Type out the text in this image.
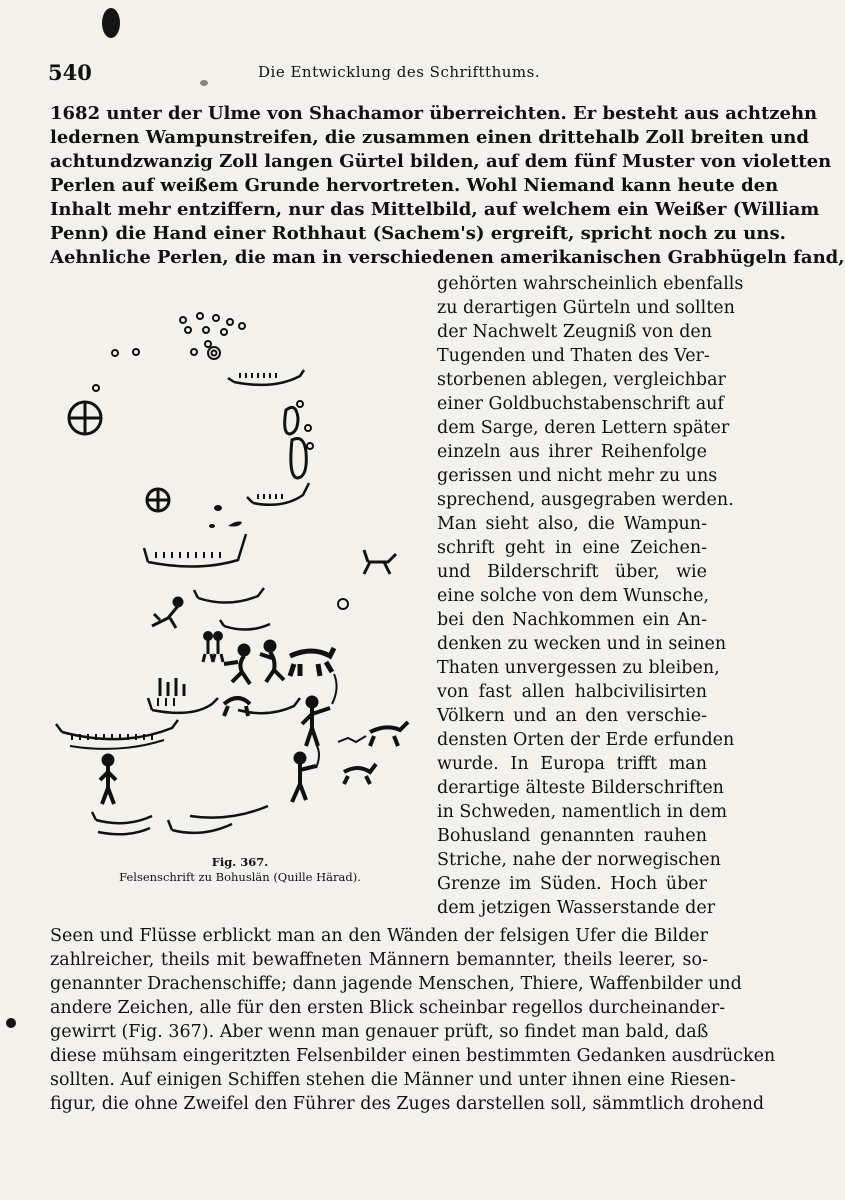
540	Die Entwicklung des Schriftthums.
1682 unter der Ulme von Shachamor überreichten. Er besteht aus achtzehn
ledernen Wampunstreifen, die zusammen einen drittehalb Zoll breiten und
achtundzwanzig Zoll langen Gürtel bilden, auf dem fünf Muster von violetten
Perlen auf weißem Grunde hervortreten. Wohl Niemand kann heute den
Inhalt mehr entziffern, nur das Mittelbild, auf welchem ein Weißer (William
Penn) die Hand einer Rothhaut (Sachem's) ergreift, spricht noch zu uns.
Aehnliche Perlen, die man in verschiedenen amerikanischen Grabhügeln fand,
gehörten wahrscheinlich ebenfalls
zu derartigen Gürteln und sollten
der Nachwelt Zeugniß von den
Tugenden und Thaten des Ver-
storbenen ablegen, vergleichbar
einer Goldbuchstabenschrift auf
dem Sarge, deren Lettern später
einzeln aus ihrer Reihenfolge
gerissen und nicht mehr zu uns
sprechend, ausgegraben werden.
Man sieht also, die Wampun-
schrift geht in eine Zeichen-
und Bilderschrift über, wie
eine solche von dem Wunsche,
bei den Nachkommen ein An-
denken zu wecken und in seinen
Thaten unvergessen zu bleiben,
von fast allen halbcivilisirten
Völkern und an den verschie-
densten Orten der Erde erfunden
wurde. In Europa trifft man
derartige älteste Bilderschriften
in Schweden, namentlich in dem
Bohusland genannten rauhen
Striche, nahe der norwegischen
Grenze im Süden. Hoch über
dem jetzigen Wasserstande der
Fig. 367.
Felsenschrift zu Bohuslän (Quille Härad).
Seen und Flüsse erblickt man an den Wänden der felsigen Ufer die Bilder
zahlreicher, theils mit bewaffneten Männern bemannter, theils leerer, so-
genannter Drachenschiffe; dann jagende Menschen, Thiere, Waffenbilder und
andere Zeichen, alle für den ersten Blick scheinbar regellos durcheinander-
gewirrt (Fig. 367). Aber wenn man genauer prüft, so findet man bald, daß
diese mühsam eingeritzten Felsenbilder einen bestimmten Gedanken ausdrücken
sollten. Auf einigen Schiffen stehen die Männer und unter ihnen eine Riesen-
figur, die ohne Zweifel den Führer des Zuges darstellen soll, sämmtlich drohend
